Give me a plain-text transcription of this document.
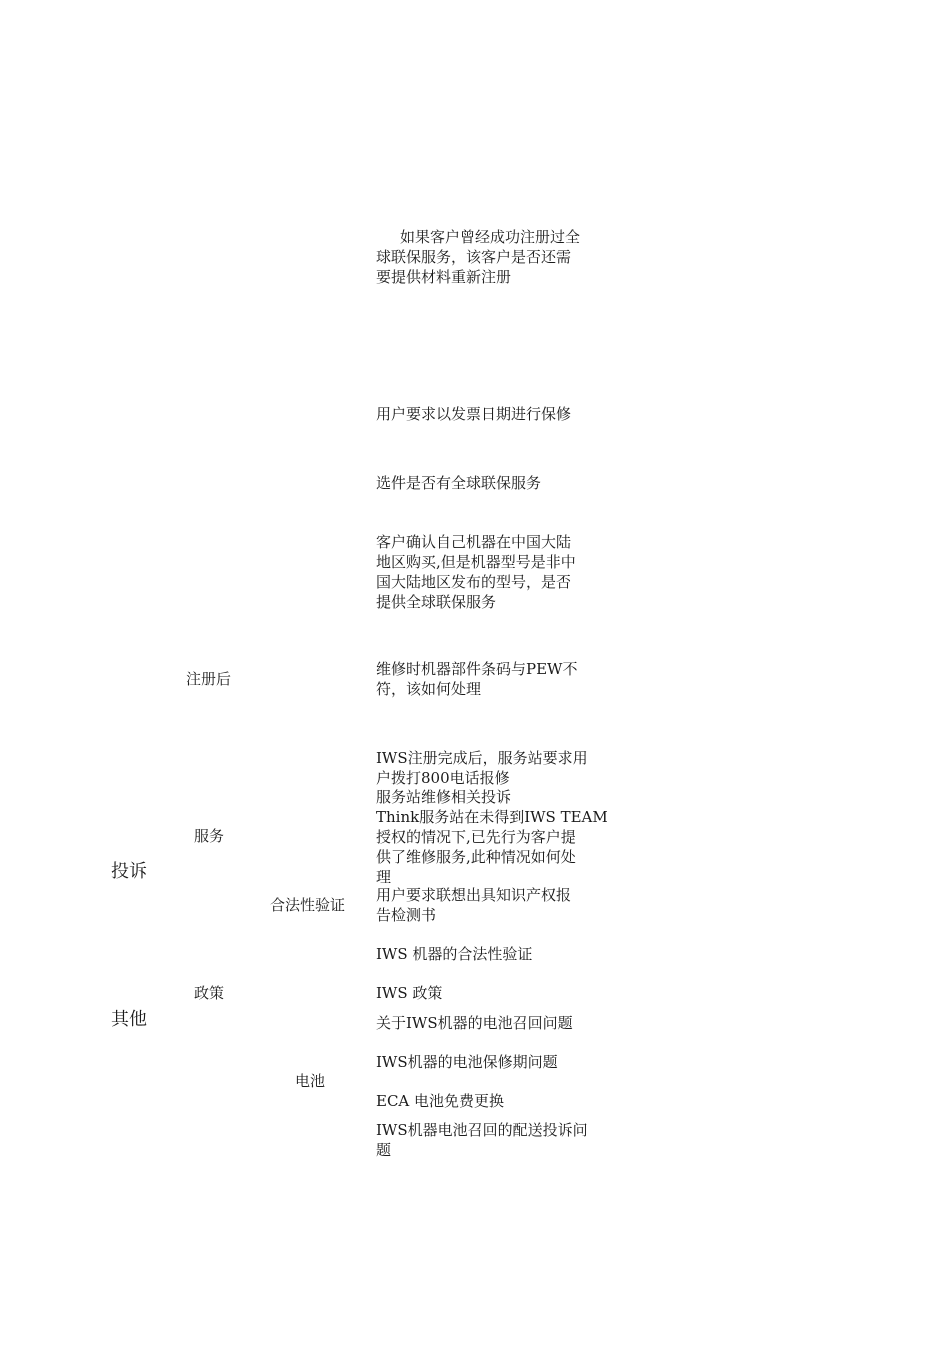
投诉
其他
注册后
服务
政策
合法性验证
电池
如果客户曾经成功注册过全
球联保服务，该客户是否还需
要提供材料重新注册
用户要求以发票日期进行保修
选件是否有全球联保服务
客户确认自己机器在中国大陆
地区购买,但是机器型号是非中
国大陆地区发布的型号，是否
提供全球联保服务
维修时机器部件条码与PEW不
符，该如何处理
IWS注册完成后，服务站要求用
户拨打800电话报修
服务站维修相关投诉
Think服务站在未得到IWS TEAM
授权的情况下,已先行为客户提
供了维修服务,此种情况如何处
理
用户要求联想出具知识产权报
告检测书
IWS 机器的合法性验证
IWS 政策
关于IWS机器的电池召回问题
IWS机器的电池保修期问题
ECA 电池免费更换
IWS机器电池召回的配送投诉问
题
